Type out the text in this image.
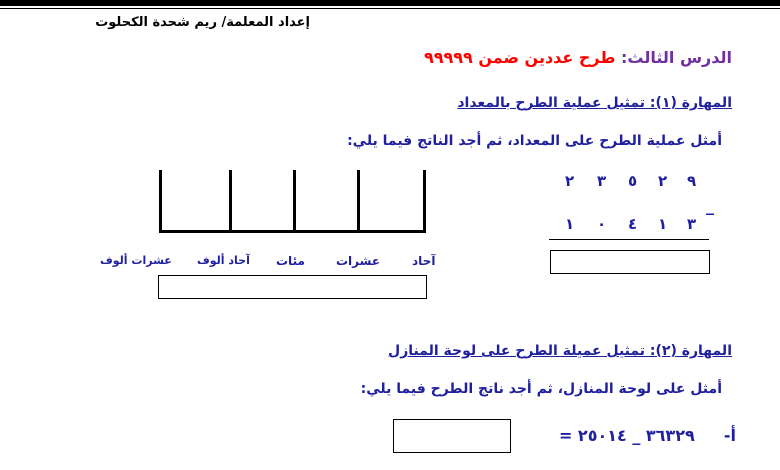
إعداد المعلمة/ ريم شحدة الكحلوت
الدرس الثالث: طرح عددين ضمن ٩٩٩٩٩
المهارة (١): تمثيل عملية الطرح بالمعداد
أمثل عملية الطرح على المعداد، ثم أجد الناتج فيما يلي:
آحاد
عشرات
مئات
آحاد ألوف
عشرات ألوف
٢ ٣ ٥ ٢ ٩
_
١ ٠ ٤ ١ ٣
المهارة (٢): تمثيل عميلة الطرح على لوحة المنازل
أمثل على لوحة المنازل، ثم أجد ناتج الطرح فيما يلي:
أ-  ٣٦٣٢٩ _ ٢٥٠١٤ =
